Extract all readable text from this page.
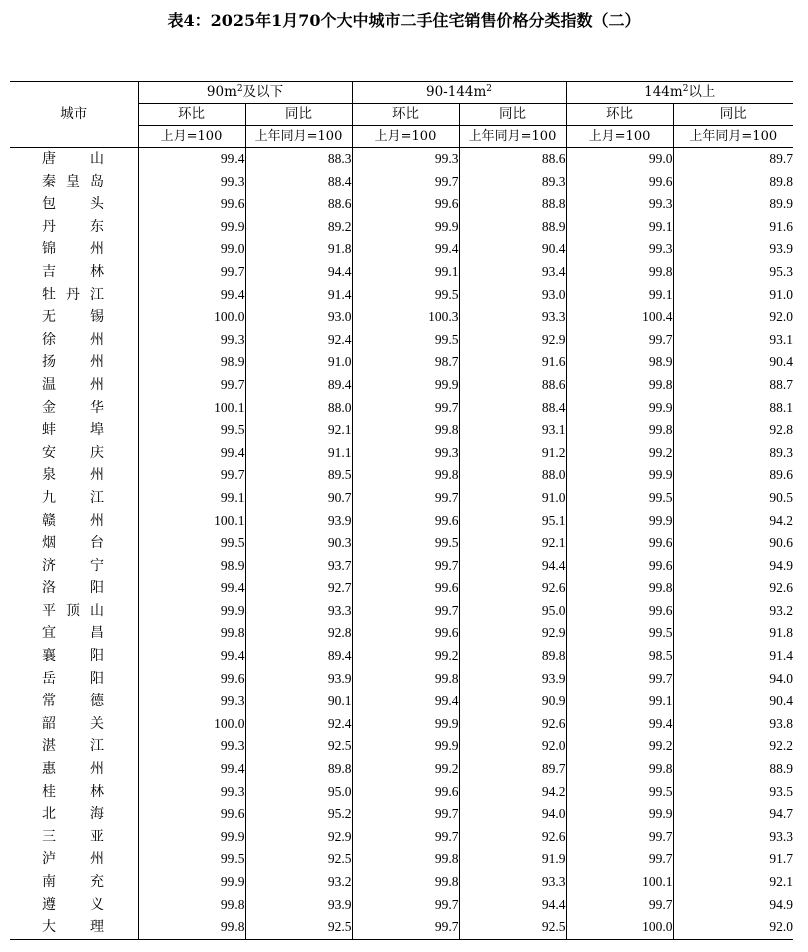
表4：2025年1月70个大中城市二手住宅销售价格分类指数（二）
城市	$90m^2$及以下		$90-144m^2$		$144m^2$以上	
	环比	同比	环比	同比	环比	同比
	上月=100	上年同月=100	上月=100	上年同月=100	上月=100	上年同月=100

唐 山	99.4	88.3	99.3	88.6	99.0	89.7

秦 皇 岛	99.3	88.4	99.7	89.3	99.6	89.8

包 头	99.6	88.6	99.6	88.8	99.3	89.9

丹 东	99.9	89.2	99.9	88.9	99.1	91.6

锦 州	99.0	91.8	99.4	90.4	99.3	93.9

吉 林	99.7	94.4	99.1	93.4	99.8	95.3

牡 丹 江	99.4	91.4	99.5	93.0	99.1	91.0

无 锡	100.0	93.0	100.3	93.3	100.4	92.0

徐 州	99.3	92.4	99.5	92.9	99.7	93.1

扬 州	98.9	91.0	98.7	91.6	98.9	90.4

温 州	99.7	89.4	99.9	88.6	99.8	88.7

金 华	100.1	88.0	99.7	88.4	99.9	88.1

蚌 埠	99.5	92.1	99.8	93.1	99.8	92.8

安 庆	99.4	91.1	99.3	91.2	99.2	89.3

泉 州	99.7	89.5	99.8	88.0	99.9	89.6

九 江	99.1	90.7	99.7	91.0	99.5	90.5

赣 州	100.1	93.9	99.6	95.1	99.9	94.2

烟 台	99.5	90.3	99.5	92.1	99.6	90.6

济 宁	98.9	93.7	99.7	94.4	99.6	94.9

洛 阳	99.4	92.7	99.6	92.6	99.8	92.6

平 顶 山	99.9	93.3	99.7	95.0	99.6	93.2

宜 昌	99.8	92.8	99.6	92.9	99.5	91.8

襄 阳	99.4	89.4	99.2	89.8	98.5	91.4

岳 阳	99.6	93.9	99.8	93.9	99.7	94.0

常 德	99.3	90.1	99.4	90.9	99.1	90.4

韶 关	100.0	92.4	99.9	92.6	99.4	93.8

湛 江	99.3	92.5	99.9	92.0	99.2	92.2

惠 州	99.4	89.8	99.2	89.7	99.8	88.9

桂 林	99.3	95.0	99.6	94.2	99.5	93.5

北 海	99.6	95.2	99.7	94.0	99.9	94.7

三 亚	99.9	92.9	99.7	92.6	99.7	93.3

泸 州	99.5	92.5	99.8	91.9	99.7	91.7

南 充	99.9	93.2	99.8	93.3	100.1	92.1

遵 义	99.8	93.9	99.7	94.4	99.7	94.9

大 理	99.8	92.5	99.7	92.5	100.0	92.0
